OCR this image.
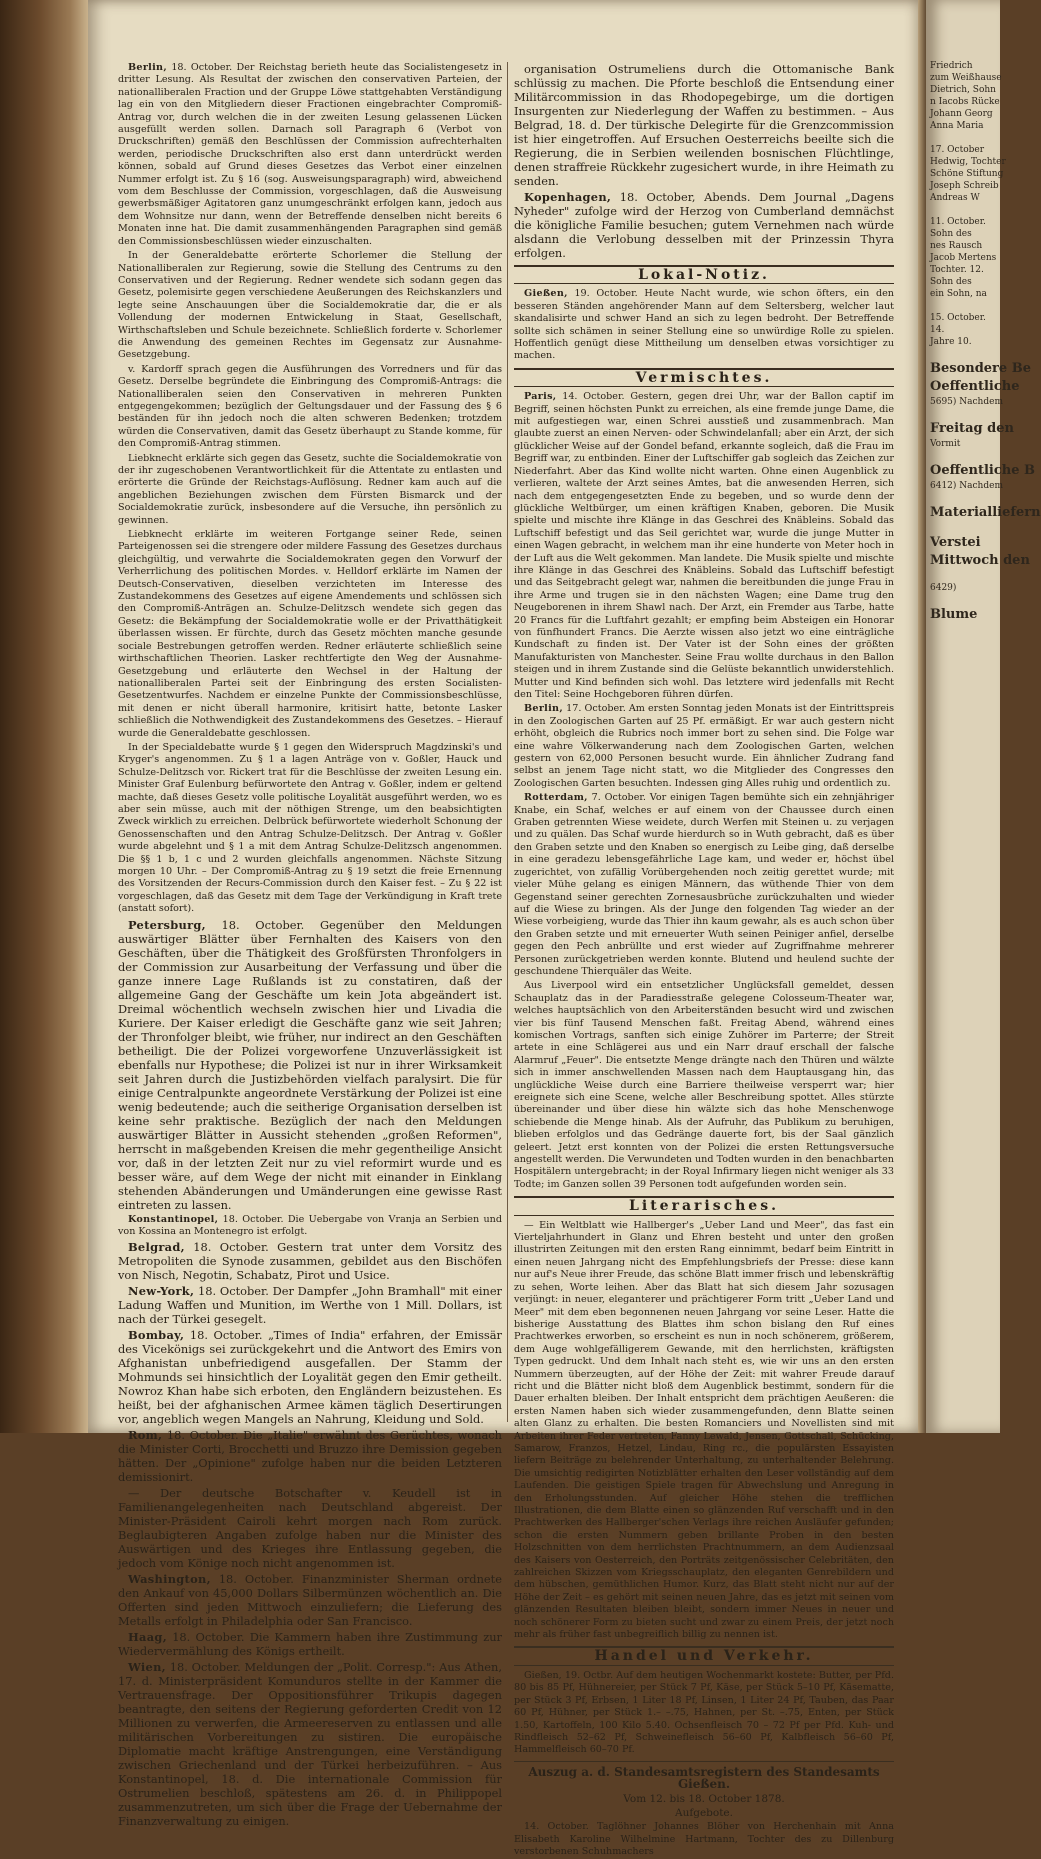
Berlin, 18. October. Der Reichstag berieth heute das Socialistengesetz in dritter Lesung. Als Resultat der zwischen den conservativen Parteien, der nationalliberalen Fraction und der Gruppe Löwe stattgehabten Verständigung lag ein von den Mitgliedern dieser Fractionen eingebrachter Compromiß-Antrag vor, durch welchen die in der zweiten Lesung gelassenen Lücken ausgefüllt werden sollen. Darnach soll Paragraph 6 (Verbot von Druckschriften) gemäß den Beschlüssen der Commission aufrechterhalten werden, periodische Druckschriften also erst dann unterdrückt werden können, sobald auf Grund dieses Gesetzes das Verbot einer einzelnen Nummer erfolgt ist. Zu § 16 (sog. Ausweisungsparagraph) wird, abweichend vom dem Beschlusse der Commission, vorgeschlagen, daß die Ausweisung gewerbsmäßiger Agitatoren ganz unumgeschränkt erfolgen kann, jedoch aus dem Wohnsitze nur dann, wenn der Betreffende denselben nicht bereits 6 Monaten inne hat. Die damit zusammenhängenden Paragraphen sind gemäß den Commissionsbeschlüssen wieder einzuschalten.

In der Generaldebatte erörterte Schorlemer die Stellung der Nationalliberalen zur Regierung, sowie die Stellung des Centrums zu den Conservativen und der Regierung. Redner wendete sich sodann gegen das Gesetz, polemisirte gegen verschiedene Aeußerungen des Reichskanzlers und legte seine Anschauungen über die Socialdemokratie dar, die er als Vollendung der modernen Entwickelung in Staat, Gesellschaft, Wirthschaftsleben und Schule bezeichnete. Schließlich forderte v. Schorlemer die Anwendung des gemeinen Rechtes im Gegensatz zur Ausnahme-Gesetzgebung.

v. Kardorff sprach gegen die Ausführungen des Vorredners und für das Gesetz. Derselbe begründete die Einbringung des Compromiß-Antrags: die Nationalliberalen seien den Conservativen in mehreren Punkten entgegengekommen; bezüglich der Geltungsdauer und der Fassung des § 6 beständen für ihn jedoch noch die alten schweren Bedenken; trotzdem würden die Conservativen, damit das Gesetz überhaupt zu Stande komme, für den Compromiß-Antrag stimmen.

Liebknecht erklärte sich gegen das Gesetz, suchte die Socialdemokratie von der ihr zugeschobenen Verantwortlichkeit für die Attentate zu entlasten und erörterte die Gründe der Reichstags-Auflösung. Redner kam auch auf die angeblichen Beziehungen zwischen dem Fürsten Bismarck und der Socialdemokratie zurück, insbesondere auf die Versuche, ihn persönlich zu gewinnen.

Liebknecht erklärte im weiteren Fortgange seiner Rede, seinen Parteigenossen sei die strengere oder mildere Fassung des Gesetzes durchaus gleichgültig, und verwahrte die Socialdemokraten gegen den Vorwurf der Verherrlichung des politischen Mordes. v. Helldorf erklärte im Namen der Deutsch-Conservativen, dieselben verzichteten im Interesse des Zustandekommens des Gesetzes auf eigene Amendements und schlössen sich den Compromiß-Anträgen an. Schulze-Delitzsch wendete sich gegen das Gesetz: die Bekämpfung der Socialdemokratie wolle er der Privatthätigkeit überlassen wissen. Er fürchte, durch das Gesetz möchten manche gesunde sociale Bestrebungen getroffen werden. Redner erläuterte schließlich seine wirthschaftlichen Theorien. Lasker rechtfertigte den Weg der Ausnahme-Gesetzgebung und erläuterte den Wechsel in der Haltung der nationalliberalen Partei seit der Einbringung des ersten Socialisten-Gesetzentwurfes. Nachdem er einzelne Punkte der Commissionsbeschlüsse, mit denen er nicht überall harmonire, kritisirt hatte, betonte Lasker schließlich die Nothwendigkeit des Zustandekommens des Gesetzes. – Hierauf wurde die Generaldebatte geschlossen.

In der Specialdebatte wurde § 1 gegen den Widerspruch Magdzinski's und Kryger's angenommen. Zu § 1 a lagen Anträge von v. Goßler, Hauck und Schulze-Delitzsch vor. Rickert trat für die Beschlüsse der zweiten Lesung ein. Minister Graf Eulenburg befürwortete den Antrag v. Goßler, indem er geltend machte, daß dieses Gesetz volle politische Loyalität ausgeführt werden, wo es aber sein müsse, auch mit der nöthigen Strenge, um den beabsichtigten Zweck wirklich zu erreichen. Delbrück befürwortete wiederholt Schonung der Genossenschaften und den Antrag Schulze-Delitzsch. Der Antrag v. Goßler wurde abgelehnt und § 1 a mit dem Antrag Schulze-Delitzsch angenommen. Die §§ 1 b, 1 c und 2 wurden gleichfalls angenommen. Nächste Sitzung morgen 10 Uhr. – Der Compromiß-Antrag zu § 19 setzt die freie Ernennung des Vorsitzenden der Recurs-Commission durch den Kaiser fest. – Zu § 22 ist vorgeschlagen, daß das Gesetz mit dem Tage der Verkündigung in Kraft trete (anstatt sofort).

Petersburg, 18. October. Gegenüber den Meldungen auswärtiger Blätter über Fernhalten des Kaisers von den Geschäften, über die Thätigkeit des Großfürsten Thronfolgers in der Commission zur Ausarbeitung der Verfassung und über die ganze innere Lage Rußlands ist zu constatiren, daß der allgemeine Gang der Geschäfte um kein Jota abgeändert ist. Dreimal wöchentlich wechseln zwischen hier und Livadia die Kuriere. Der Kaiser erledigt die Geschäfte ganz wie seit Jahren; der Thronfolger bleibt, wie früher, nur indirect an den Geschäften betheiligt. Die der Polizei vorgeworfene Unzuverlässigkeit ist ebenfalls nur Hypothese; die Polizei ist nur in ihrer Wirksamkeit seit Jahren durch die Justizbehörden vielfach paralysirt. Die für einige Centralpunkte angeordnete Verstärkung der Polizei ist eine wenig bedeutende; auch die seitherige Organisation derselben ist keine sehr praktische. Bezüglich der nach den Meldungen auswärtiger Blätter in Aussicht stehenden „großen Reformen", herrscht in maßgebenden Kreisen die mehr gegentheilige Ansicht vor, daß in der letzten Zeit nur zu viel reformirt wurde und es besser wäre, auf dem Wege der nicht mit einander in Einklang stehenden Abänderungen und Umänderungen eine gewisse Rast eintreten zu lassen.

Konstantinopel, 18. October. Die Uebergabe von Vranja an Serbien und von Kossina an Montenegro ist erfolgt.

Belgrad, 18. October. Gestern trat unter dem Vorsitz des Metropoliten die Synode zusammen, gebildet aus den Bischöfen von Nisch, Negotin, Schabatz, Pirot und Usice.

New-York, 18. October. Der Dampfer „John Bramhall" mit einer Ladung Waffen und Munition, im Werthe von 1 Mill. Dollars, ist nach der Türkei gesegelt.

Bombay, 18. October. „Times of India" erfahren, der Emissär des Vicekönigs sei zurückgekehrt und die Antwort des Emirs von Afghanistan unbefriedigend ausgefallen. Der Stamm der Mohmunds sei hinsichtlich der Loyalität gegen den Emir getheilt. Nowroz Khan habe sich erboten, den Engländern beizustehen. Es heißt, bei der afghanischen Armee kämen täglich Desertirungen vor, angeblich wegen Mangels an Nahrung, Kleidung und Sold.

Rom, 18. October. Die „Italie" erwähnt des Gerüchtes, wonach die Minister Corti, Brocchetti und Bruzzo ihre Demission gegeben hätten. Der „Opinione" zufolge haben nur die beiden Letzteren demissionirt.

— Der deutsche Botschafter v. Keudell ist in Familienangelegenheiten nach Deutschland abgereist. Der Minister-Präsident Cairoli kehrt morgen nach Rom zurück. Beglaubigteren Angaben zufolge haben nur die Minister des Auswärtigen und des Krieges ihre Entlassung gegeben, die jedoch vom Könige noch nicht angenommen ist.

Washington, 18. October. Finanzminister Sherman ordnete den Ankauf von 45,000 Dollars Silbermünzen wöchentlich an. Die Offerten sind jeden Mittwoch einzuliefern; die Lieferung des Metalls erfolgt in Philadelphia oder San Francisco.

Haag, 18. October. Die Kammern haben ihre Zustimmung zur Wiedervermählung des Königs ertheilt.

Wien, 18. October. Meldungen der „Polit. Corresp.": Aus Athen, 17. d. Ministerpräsident Komunduros stellte in der Kammer die Vertrauensfrage. Der Oppositionsführer Trikupis dagegen beantragte, den seitens der Regierung geforderten Credit von 12 Millionen zu verwerfen, die Armeereserven zu entlassen und alle militärischen Vorbereitungen zu sistiren. Die europäische Diplomatie macht kräftige Anstrengungen, eine Verständigung zwischen Griechenland und der Türkei herbeizuführen. – Aus Konstantinopel, 18. d. Die internationale Commission für Ostrumelien beschloß, spätestens am 26. d. in Philippopel zusammenzutreten, um sich über die Frage der Uebernahme der Finanzverwaltung zu einigen.

organisation Ostrumeliens durch die Ottomanische Bank schlüssig zu machen. Die Pforte beschloß die Entsendung einer Militärcommission in das Rhodopegebirge, um die dortigen Insurgenten zur Niederlegung der Waffen zu bestimmen. – Aus Belgrad, 18. d. Der türkische Delegirte für die Grenzcommission ist hier eingetroffen. Auf Ersuchen Oesterreichs beeilte sich die Regierung, die in Serbien weilenden bosnischen Flüchtlinge, denen straffreie Rückkehr zugesichert wurde, in ihre Heimath zu senden.

Kopenhagen, 18. October, Abends. Dem Journal „Dagens Nyheder" zufolge wird der Herzog von Cumberland demnächst die königliche Familie besuchen; gutem Vernehmen nach würde alsdann die Verlobung desselben mit der Prinzessin Thyra erfolgen.

Lokal-Notiz.

Gießen, 19. October. Heute Nacht wurde, wie schon öfters, ein den besseren Ständen angehörender Mann auf dem Seltersberg, welcher laut skandalisirte und schwer Hand an sich zu legen bedroht. Der Betreffende sollte sich schämen in seiner Stellung eine so unwürdige Rolle zu spielen. Hoffentlich genügt diese Mittheilung um denselben etwas vorsichtiger zu machen.

Vermischtes.

Paris, 14. October. Gestern, gegen drei Uhr, war der Ballon captif im Begriff, seinen höchsten Punkt zu erreichen, als eine fremde junge Dame, die mit aufgestiegen war, einen Schrei ausstieß und zusammenbrach. Man glaubte zuerst an einen Nerven- oder Schwindelanfall; aber ein Arzt, der sich glücklicher Weise auf der Gondel befand, erkannte sogleich, daß die Frau im Begriff war, zu entbinden. Einer der Luftschiffer gab sogleich das Zeichen zur Niederfahrt. Aber das Kind wollte nicht warten. Ohne einen Augenblick zu verlieren, waltete der Arzt seines Amtes, bat die anwesenden Herren, sich nach dem entgegengesetzten Ende zu begeben, und so wurde denn der glückliche Weltbürger, um einen kräftigen Knaben, geboren. Die Musik spielte und mischte ihre Klänge in das Geschrei des Knäbleins. Sobald das Luftschiff befestigt und das Seil gerichtet war, wurde die junge Mutter in einen Wagen gebracht, in welchem man ihr eine hunderte von Meter hoch in der Luft aus die Welt gekommen. Man landete. Die Musik spielte und mischte ihre Klänge in das Geschrei des Knäbleins. Sobald das Luftschiff befestigt und das Seitgebracht gelegt war, nahmen die bereitbunden die junge Frau in ihre Arme und trugen sie in den nächsten Wagen; eine Dame trug den Neugeborenen in ihrem Shawl nach. Der Arzt, ein Fremder aus Tarbe, hatte 20 Francs für die Luftfahrt gezahlt; er empfing beim Absteigen ein Honorar von fünfhundert Francs. Die Aerzte wissen also jetzt wo eine einträgliche Kundschaft zu finden ist. Der Vater ist der Sohn eines der größten Manufakturisten von Manchester. Seine Frau wollte durchaus in den Ballon steigen und in ihrem Zustande sind die Gelüste bekanntlich unwiderstehlich. Mutter und Kind befinden sich wohl. Das letztere wird jedenfalls mit Recht den Titel: Seine Hochgeboren führen dürfen.

Berlin, 17. October. Am ersten Sonntag jeden Monats ist der Eintrittspreis in den Zoologischen Garten auf 25 Pf. ermäßigt. Er war auch gestern nicht erhöht, obgleich die Rubrics noch immer bort zu sehen sind. Die Folge war eine wahre Völkerwanderung nach dem Zoologischen Garten, welchen gestern von 62,000 Personen besucht wurde. Ein ähnlicher Zudrang fand selbst an jenem Tage nicht statt, wo die Mitglieder des Congresses den Zoologischen Garten besuchten. Indessen ging Alles ruhig und ordentlich zu.

Rotterdam, 7. October. Vor einigen Tagen bemühte sich ein zehnjähriger Knabe, ein Schaf, welches er auf einem von der Chaussee durch einen Graben getrennten Wiese weidete, durch Werfen mit Steinen u. zu verjagen und zu quälen. Das Schaf wurde hierdurch so in Wuth gebracht, daß es über den Graben setzte und den Knaben so energisch zu Leibe ging, daß derselbe in eine geradezu lebensgefährliche Lage kam, und weder er, höchst übel zugerichtet, von zufällig Vorübergehenden noch zeitig gerettet wurde; mit vieler Mühe gelang es einigen Männern, das wüthende Thier von dem Gegenstand seiner gerechten Zornesausbrüche zurückzuhalten und wieder auf die Wiese zu bringen. Als der Junge den folgenden Tag wieder an der Wiese vorbeigieng, wurde das Thier ihn kaum gewahr, als es auch schon über den Graben setzte und mit erneuerter Wuth seinen Peiniger anfiel, derselbe gegen den Pech anbrüllte und erst wieder auf Zugriffnahme mehrerer Personen zurückgetrieben werden konnte. Blutend und heulend suchte der geschundene Thierquäler das Weite.

Aus Liverpool wird ein entsetzlicher Unglücksfall gemeldet, dessen Schauplatz das in der Paradiesstraße gelegene Colosseum-Theater war, welches hauptsächlich von den Arbeiterständen besucht wird und zwischen vier bis fünf Tausend Menschen faßt. Freitag Abend, während eines komischen Vortrags, sanften sich einige Zuhörer im Parterre; der Streit artete in eine Schlägerei aus und ein Narr drauf erschall der falsche Alarmruf „Feuer". Die entsetzte Menge drängte nach den Thüren und wälzte sich in immer anschwellenden Massen nach dem Hauptausgang hin, das unglückliche Weise durch eine Barriere theilweise versperrt war; hier ereignete sich eine Scene, welche aller Beschreibung spottet. Alles stürzte übereinander und über diese hin wälzte sich das hohe Menschenwoge schiebende die Menge hinab. Als der Aufruhr, das Publikum zu beruhigen, blieben erfolglos und das Gedränge dauerte fort, bis der Saal gänzlich geleert. Jetzt erst konnten von der Polizei die ersten Rettungsversuche angestellt werden. Die Verwundeten und Todten wurden in den benachbarten Hospitälern untergebracht; in der Royal Infirmary liegen nicht weniger als 33 Todte; im Ganzen sollen 39 Personen todt aufgefunden worden sein.

Literarisches.

— Ein Weltblatt wie Hallberger's „Ueber Land und Meer", das fast ein Vierteljahrhundert in Glanz und Ehren besteht und unter den großen illustrirten Zeitungen mit den ersten Rang einnimmt, bedarf beim Eintritt in einen neuen Jahrgang nicht des Empfehlungsbriefs der Presse: diese kann nur auf's Neue ihrer Freude, das schöne Blatt immer frisch und lebenskräftig zu sehen, Worte leihen. Aber das Blatt hat sich diesem Jahr sozusagen verjüngt: in neuer, eleganterer und prächtigerer Form tritt „Ueber Land und Meer" mit dem eben begonnenen neuen Jahrgang vor seine Leser. Hatte die bisherige Ausstattung des Blattes ihm schon bislang den Ruf eines Prachtwerkes erworben, so erscheint es nun in noch schönerem, größerem, dem Auge wohlgefälligerem Gewande, mit den herrlichsten, kräftigsten Typen gedruckt. Und dem Inhalt nach steht es, wie wir uns an den ersten Nummern überzeugten, auf der Höhe der Zeit: mit wahrer Freude darauf richt und die Blätter nicht bloß dem Augenblick bestimmt, sondern für die Dauer erhalten bleiben. Der Inhalt entspricht dem prächtigen Aeußeren: die ersten Namen haben sich wieder zusammengefunden, denn Blatte seinen alten Glanz zu erhalten. Die besten Romanciers und Novellisten sind mit Arbeiten ihrer Feder vertreten, Fanny Lewald, Jensen, Gottschall, Schücking, Samarow, Franzos, Hetzel, Lindau, Ring rc., die populärsten Essayisten liefern Beiträge zu belehrender Unterhaltung, zu unterhaltender Belehrung. Die umsichtig redigirten Notizblätter erhalten den Leser vollständig auf dem Laufenden. Die geistigen Spiele tragen für Abwechslung und Anregung in den Erholungsstunden. Auf gleicher Höhe stehen die trefflichen Illustrationen, die dem Blatte einen so glänzenden Ruf verschafft und in den Prachtwerken des Hallberger'schen Verlags ihre reichen Ausläufer gefunden; schon die ersten Nummern geben brillante Proben in den besten Holzschnitten von dem herrlichsten Prachtnummern, an dem Audienzsaal des Kaisers von Oesterreich, den Porträts zeitgenössischer Celebritäten, den zahlreichen Skizzen vom Kriegsschauplatz, den eleganten Genrebildern und dem hübschen, gemüthlichen Humor. Kurz, das Blatt steht nicht nur auf der Höhe der Zeit – es gehört mit seinen neuen Jahre, das es jetzt mit seinen vom glänzenden Resultaten bleiben bleibt, sondern immer Neues in neuer und noch schönerer Form zu bieten sucht und zwar zu einem Preis, der jetzt noch mehr als früher fast unbegreiflich billig zu nennen ist.

Handel und Verkehr.

Gießen, 19. Octbr. Auf dem heutigen Wochenmarkt kostete: Butter, per Pfd. 80 bis 85 Pf, Hühnereier, per Stück 7 Pf, Käse, per Stück 5–10 Pf, Käsematte, per Stück 3 Pf, Erbsen, 1 Liter 18 Pf, Linsen, 1 Liter 24 Pf, Tauben, das Paar 60 Pf, Hühner, per Stück 1.– –.75, Hahnen, per St. –.75, Enten, per Stück 1.50, Kartoffeln, 100 Kilo 5.40. Ochsenfleisch 70 – 72 Pf per Pfd. Kuh- und Rindfleisch 52–62 Pf, Schweinefleisch 56–60 Pf, Kalbfleisch 56–60 Pf, Hammelfleisch 60–70 Pf.

Auszug a. d. Standesamtsregistern des Standesamts Gießen.
Vom 12. bis 18. October 1878.
Aufgebote.

14. October. Taglöhner Johannes Blöher von Herchenhain mit Anna Elisabeth Karoline Wilhelmine Hartmann, Tochter des zu Dillenburg verstorbenen Schuhmachers

Friedrich
zum Weißhause
Dietrich, Sohn
n Iacobs Rücke
Johann Georg
Anna Maria

17. October
Hedwig, Tochter
Schöne Stiftung
Joseph Schreib
Andreas W

11. October.
Sohn des
nes Rausch
Jacob Mertens
Tochter. 12.
Sohn des
ein Sohn, na

15. October.
14.
Jahre 10.

Besondere Be
Oeffentliche
5695) Nachdem

Freitag den
Vormit

Oeffentliche B
6412) Nachdem

Materialliefern

Verstei
Mittwoch den

6429)

Blume
